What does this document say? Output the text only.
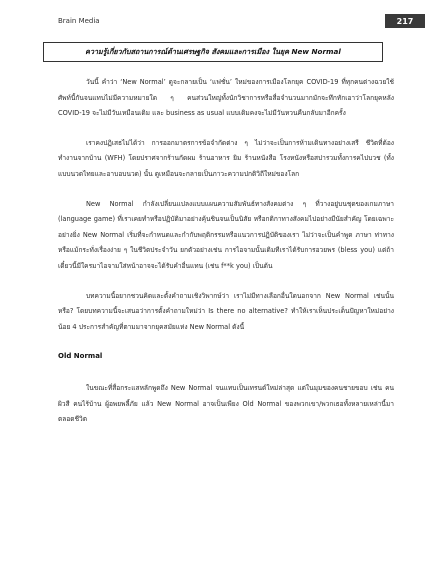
Brain Media	217
ความรู้เกี่ยวกับสถานการณ์ด้านเศรษฐกิจ สังคมและการเมือง ในยุค New Normal

วันนี้ คำว่า ‘New Normal’ ดูจะกลายเป็น ‘แฟชั่น’ ใหม่ของการเมืองโลกยุค COVID-19 ที่ทุกคนต่างฉวยใช้ศัพท์นี้กันจนแทบไม่มีความหมายใด ๆ คนส่วนใหญ่ทั้งนักวิชาการหรือสื่อจำนวนมากมักจะทึกทักเอาว่าโลกยุคหลัง COVID-19 จะไม่มีวันเหมือนเดิม และ business as usual แบบเดิมคงจะไม่มีวันหวนคืนกลับมาอีกครั้ง

เราคงปฏิเสธไม่ได้ว่า การออกมาตรการข้อจำกัดต่าง ๆ ไม่ว่าจะเป็นการห้ามเดินทางอย่างเสรี ชีวิตที่ต้องทำงานจากบ้าน (WFH) โดยปราศจากร้านกัดผม ร้านอาหาร ยิม ร้านหนังสือ โรงหนังหรือสปารวมทั้งการคไปบวช (ทั้งแบบนวดไทยและอาบอบนวด) นั้น ดูเหมือนจะกลายเป็นภาวะความปกติวิถีใหม่ของโลก

New Normal กำลังเปลี่ยนแปลงแบบแผนความสัมพันธ์ทางสังคมต่าง ๆ ที่วางอยู่บนชุดของเกมภาษา (language game) ที่เราเคยทำหรือปฏิบัติมาอย่างคุ้นชินจนเป็นนิสัย หรือกติกาทางสังคมไปอย่างมีนัยสำคัญ โดยเฉพาะอย่างยิ่ง New Normal เริ่มที่จะกำหนดและกำกับพฤติกรรมหรือแนวการปฏิบัติของเรา ไม่ว่าจะเป็นคำพูด ภาษา ท่าทาง หรือแม้กระทั่งเรื่องง่าย ๆ ในชีวิตประจำวัน ยกตัวอย่างเช่น การไอจามนั้นเดิมทีเราได้รับการอวยพร (bless you) แต่ถ้าเดี๋ยวนี้มีใครมาไอจามใส่หน้าอาจจะได้รับคำอื่นแทน (เช่น f**k you) เป็นต้น

บทความนี้อยากชวนคิดและตั้งคำถามเชิงวิพากษ์ว่า เราไม่มีทางเลือกอื่นใดนอกจาก New Normal เช่นนั้นหรือ? โดยบทความนี้จะเสนอว่าการตั้งคำถามใหม่ว่า Is there no alternative? ทำให้เราเห็นประเด็นปัญหาใหม่อย่างน้อย 4 ประการสำคัญที่ตามมาจากยุคสมัยแห่ง New Normal ดังนี้

Old Normal

ในขณะที่สื่อกระแสหลักพูดถึง New Normal จนแทบเป็นเทรนด์ใหม่ล่าสุด แต่ในมุมของคนชายขอบ เช่น คนผิวสี คนไร้บ้าน ผู้อพยพลี้ภัย แล้ว New Normal อาจเป็นเพียง Old Normal ของพวกเขา/พวกเธอทั้งหลายเหล่านี้มาตลอดชีวิต
